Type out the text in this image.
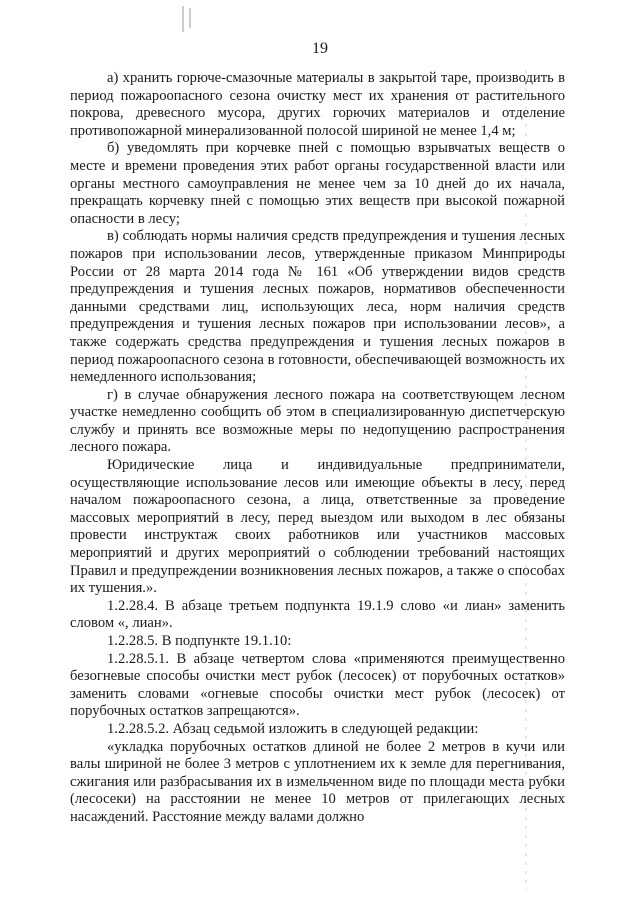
19

а) хранить горюче-смазочные материалы в закрытой таре, производить в период пожароопасного сезона очистку мест их хранения от растительного покрова, древесного мусора, других горючих материалов и отделение противопожарной минерализованной полосой шириной не менее 1,4 м;

б) уведомлять при корчевке пней с помощью взрывчатых веществ о месте и времени проведения этих работ органы государственной власти или органы местного самоуправления не менее чем за 10 дней до их начала, прекращать корчевку пней с помощью этих веществ при высокой пожарной опасности в лесу;

в) соблюдать нормы наличия средств предупреждения и тушения лесных пожаров при использовании лесов, утвержденные приказом Минприроды России от 28 марта 2014 года № 161 «Об утверждении видов средств предупреждения и тушения лесных пожаров, нормативов обеспеченности данными средствами лиц, использующих леса, норм наличия средств предупреждения и тушения лесных пожаров при использовании лесов», а также содержать средства предупреждения и тушения лесных пожаров в период пожароопасного сезона в готовности, обеспечивающей возможность их немедленного использования;

г) в случае обнаружения лесного пожара на соответствующем лесном участке немедленно сообщить об этом в специализированную диспетчерскую службу и принять все возможные меры по недопущению распространения лесного пожара.

Юридические лица и индивидуальные предприниматели, осуществляющие использование лесов или имеющие объекты в лесу, перед началом пожароопасного сезона, а лица, ответственные за проведение массовых мероприятий в лесу, перед выездом или выходом в лес обязаны провести инструктаж своих работников или участников массовых мероприятий и других мероприятий о соблюдении требований настоящих Правил и предупреждении возникновения лесных пожаров, а также о способах их тушения.».

1.2.28.4. В абзаце третьем подпункта 19.1.9 слово «и лиан» заменить словом «, лиан».

1.2.28.5. В подпункте 19.1.10:

1.2.28.5.1. В абзаце четвертом слова «применяются преимущественно безогневые способы очистки мест рубок (лесосек) от порубочных остатков» заменить словами «огневые способы очистки мест рубок (лесосек) от порубочных остатков запрещаются».

1.2.28.5.2. Абзац седьмой изложить в следующей редакции:

«укладка порубочных остатков длиной не более 2 метров в кучи или валы шириной не более 3 метров с уплотнением их к земле для перегнивания, сжигания или разбрасывания их в измельченном виде по площади места рубки (лесосеки) на расстоянии не менее 10 метров от прилегающих лесных насаждений. Расстояние между валами должно
